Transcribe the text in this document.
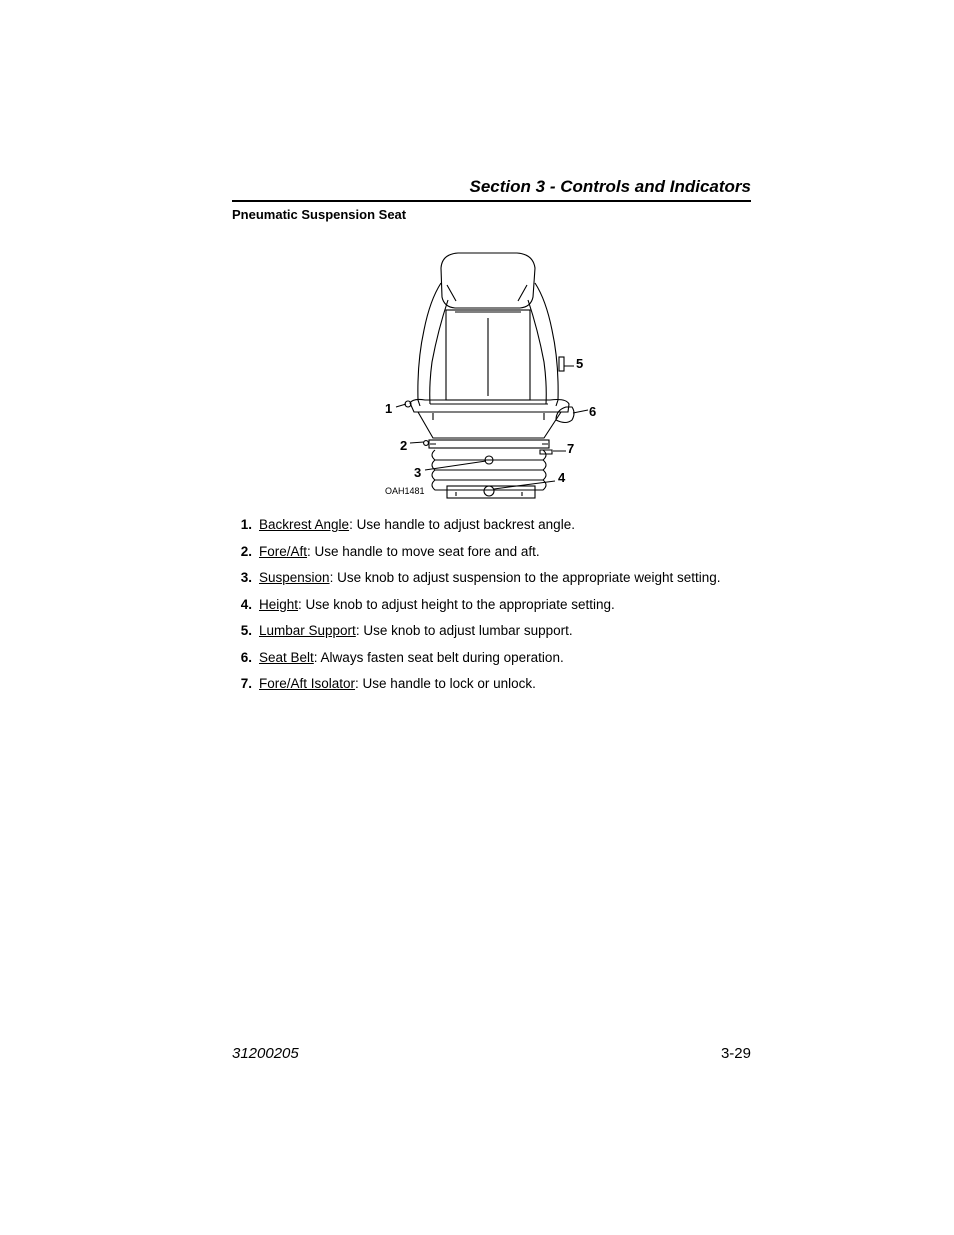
Section 3 - Controls and Indicators
Pneumatic Suspension Seat
1
2
3	4
5
6
7
OAH1481
1. Backrest Angle: Use handle to adjust backrest angle.
2. Fore/Aft: Use handle to move seat fore and aft.
3. Suspension: Use knob to adjust suspension to the appropriate weight setting.
4. Height: Use knob to adjust height to the appropriate setting.
5. Lumbar Support: Use knob to adjust lumbar support.
6. Seat Belt: Always fasten seat belt during operation.
7. Fore/Aft Isolator: Use handle to lock or unlock.
31200205	3-29
